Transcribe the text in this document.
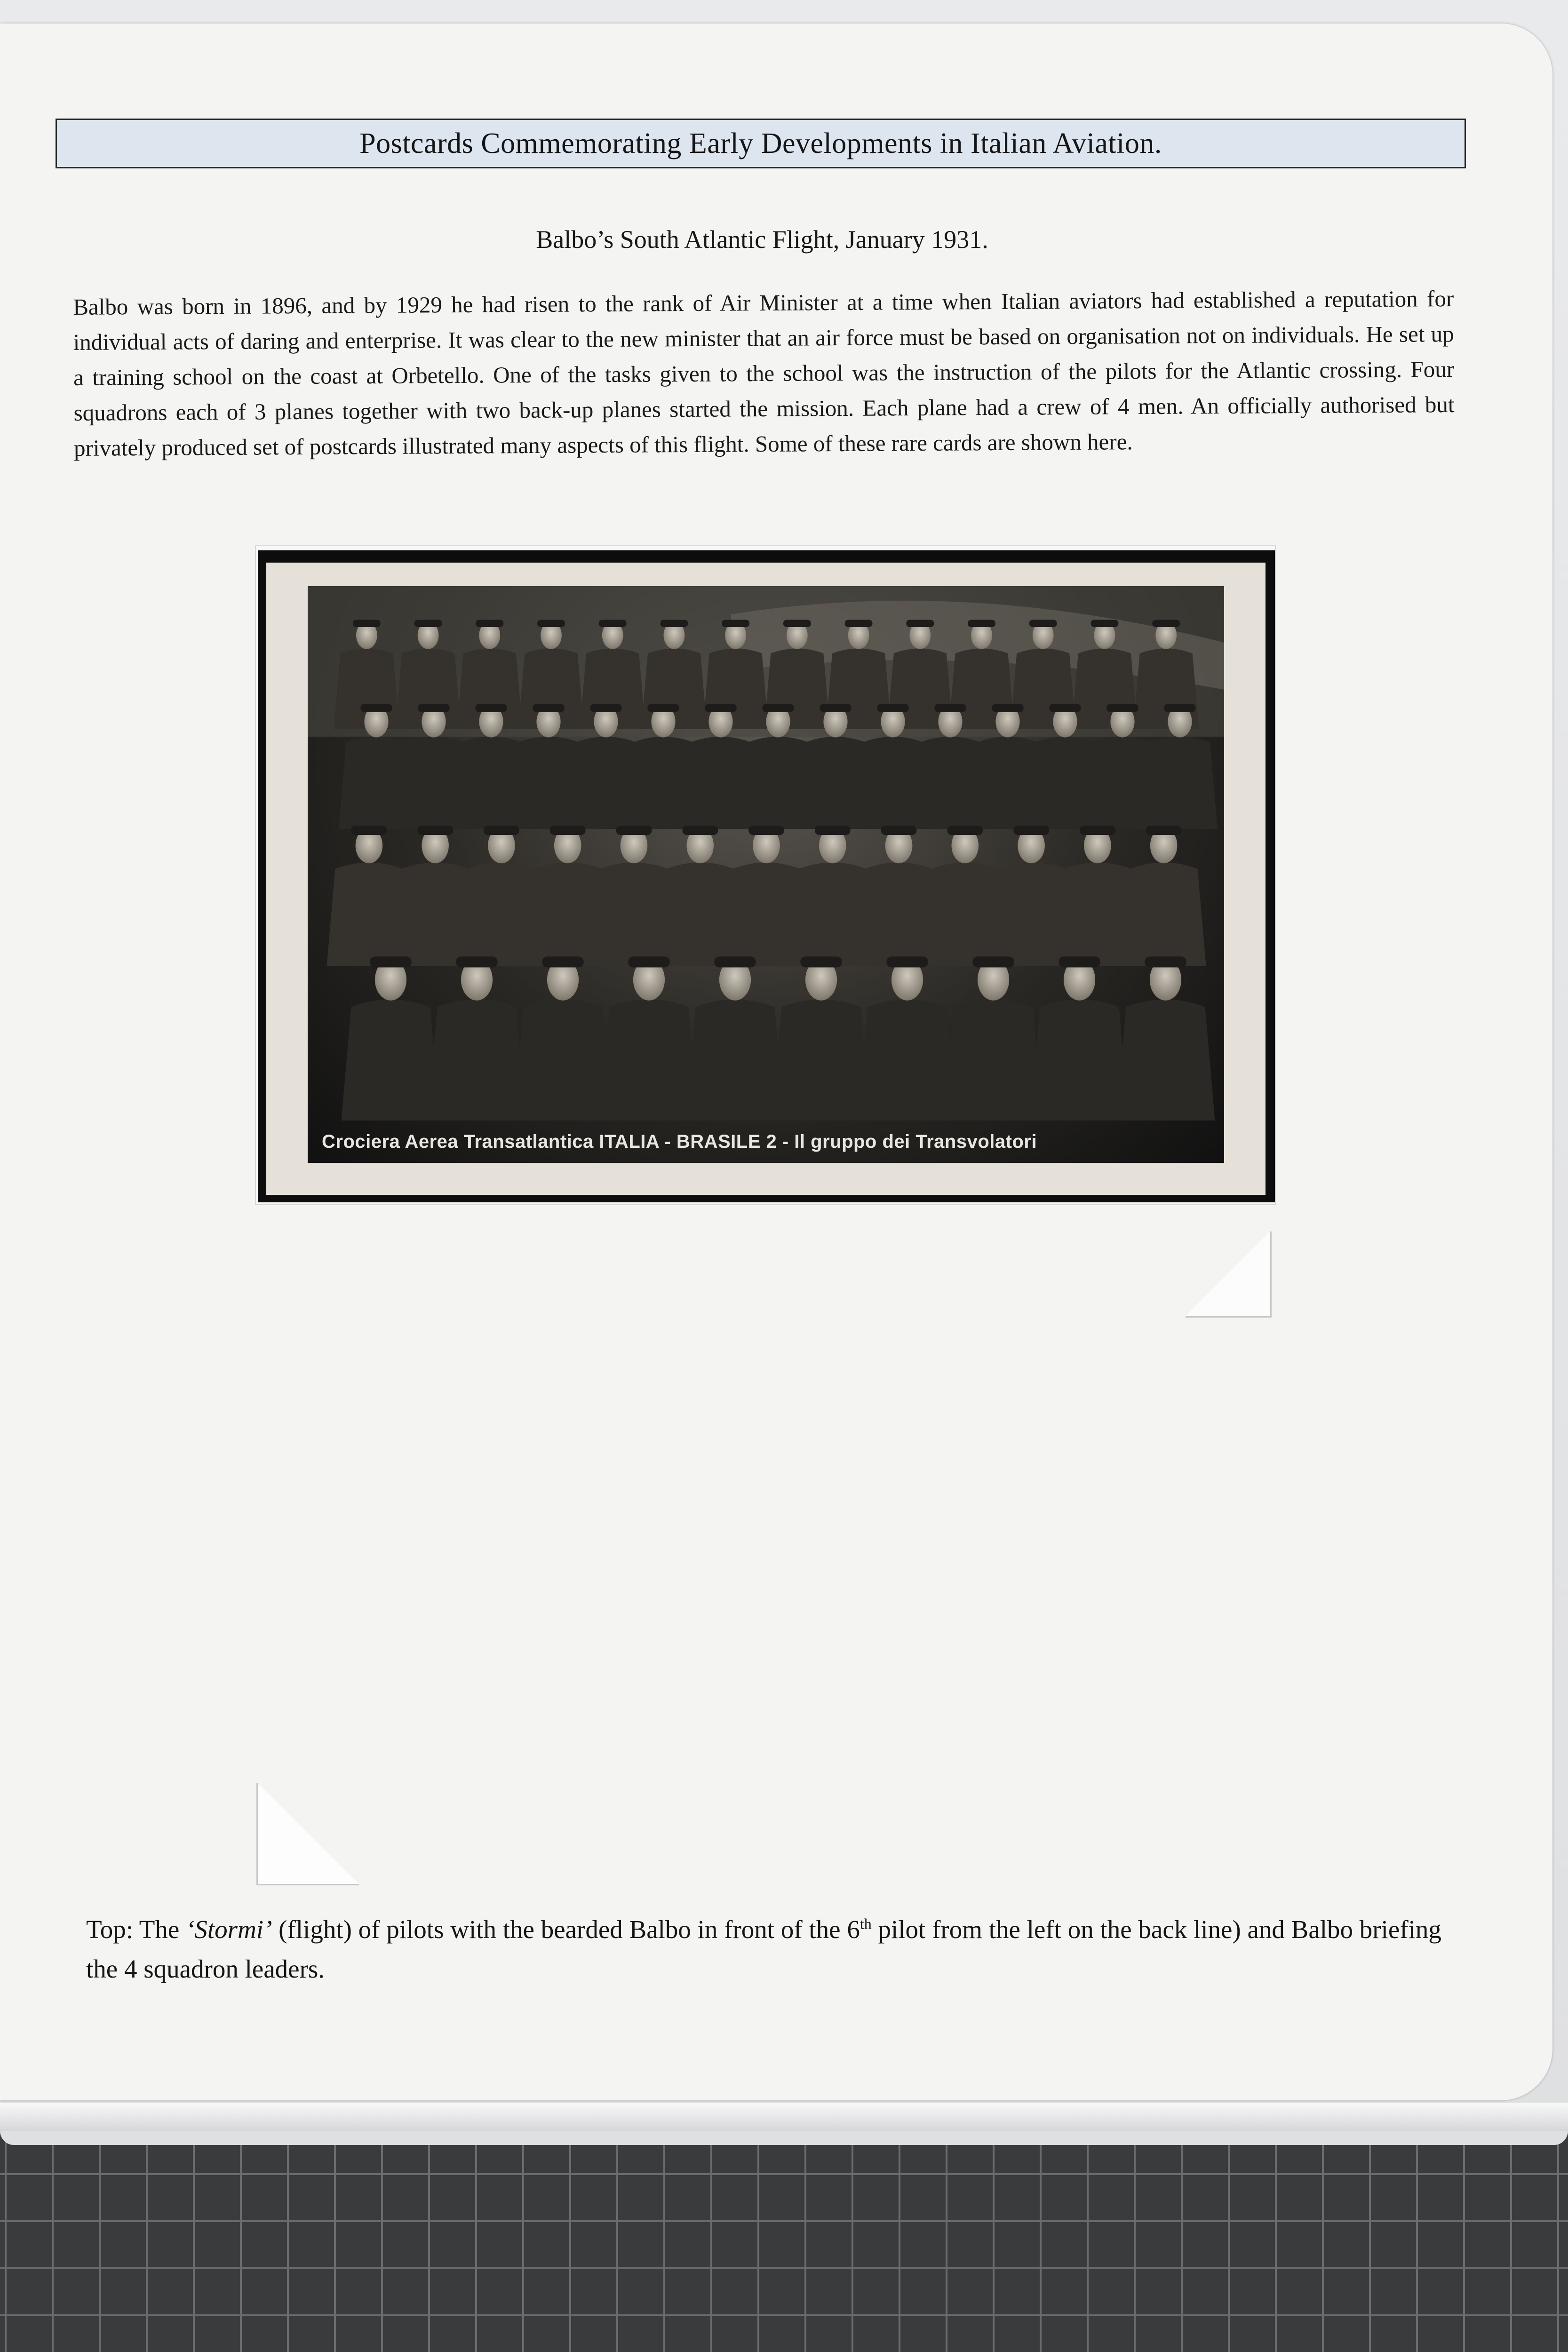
Postcards Commemorating Early Developments in Italian Aviation.
Balbo’s South Atlantic Flight, January 1931.
Balbo was born in 1896, and by 1929 he had risen to the rank of Air Minister at a time when Italian aviators had established a reputation for individual acts of daring and enterprise. It was clear to the new minister that an air force must be based on organisation not on individuals. He set up a training school on the coast at Orbetello. One of the tasks given to the school was the instruction of the pilots for the Atlantic crossing. Four squadrons each of 3 planes together with two back-up planes started the mission. Each plane had a crew of 4 men. An officially authorised but privately produced set of postcards illustrated many aspects of this flight. Some of these rare cards are shown here.
Crociera Aerea Transatlantica ITALIA - BRASILE 2 - Il gruppo dei Transvolatori
Top: The ‘Stormi’ (flight) of pilots with the bearded Balbo in front of the 6th pilot from the left on the back line) and Balbo briefing the 4 squadron leaders.
